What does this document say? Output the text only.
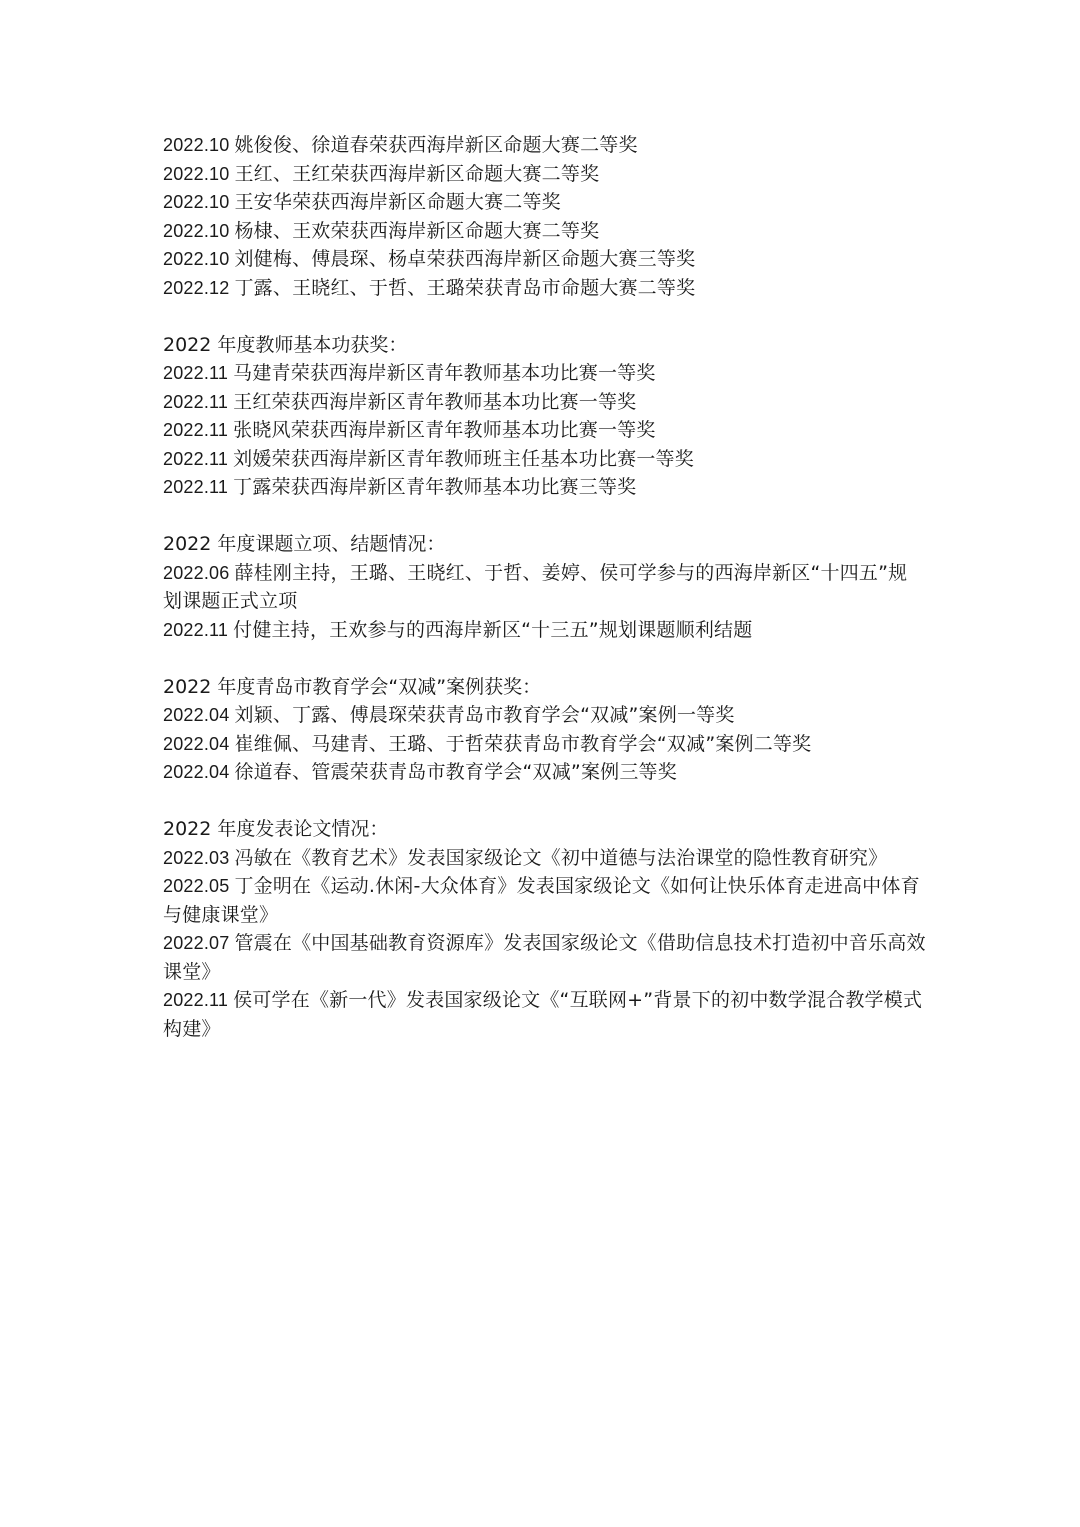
2022.10 姚俊俊、徐道春荣获西海岸新区命题大赛二等奖
2022.10 王红、王红荣获西海岸新区命题大赛二等奖
2022.10 王安华荣获西海岸新区命题大赛二等奖
2022.10 杨棣、王欢荣获西海岸新区命题大赛二等奖
2022.10 刘健梅、傅晨琛、杨卓荣获西海岸新区命题大赛三等奖
2022.12 丁露、王晓红、于哲、王璐荣获青岛市命题大赛二等奖
2022 年度教师基本功获奖：
2022.11 马建青荣获西海岸新区青年教师基本功比赛一等奖
2022.11 王红荣获西海岸新区青年教师基本功比赛一等奖
2022.11 张晓风荣获西海岸新区青年教师基本功比赛一等奖
2022.11 刘媛荣获西海岸新区青年教师班主任基本功比赛一等奖
2022.11 丁露荣获西海岸新区青年教师基本功比赛三等奖
2022 年度课题立项、结题情况：
2022.06 薛桂刚主持，王璐、王晓红、于哲、姜婷、侯可学参与的西海岸新区“十四五”规
划课题正式立项
2022.11 付健主持，王欢参与的西海岸新区“十三五”规划课题顺利结题
2022 年度青岛市教育学会“双减”案例获奖：
2022.04 刘颖、丁露、傅晨琛荣获青岛市教育学会“双减”案例一等奖
2022.04 崔维佩、马建青、王璐、于哲荣获青岛市教育学会“双减”案例二等奖
2022.04 徐道春、管震荣获青岛市教育学会“双减”案例三等奖
2022 年度发表论文情况：
2022.03 冯敏在《教育艺术》发表国家级论文《初中道德与法治课堂的隐性教育研究》
2022.05 丁金明在《运动.休闲-大众体育》发表国家级论文《如何让快乐体育走进高中体育
与健康课堂》
2022.07 管震在《中国基础教育资源库》发表国家级论文《借助信息技术打造初中音乐高效
课堂》
2022.11 侯可学在《新一代》发表国家级论文《“互联网+”背景下的初中数学混合教学模式
构建》
